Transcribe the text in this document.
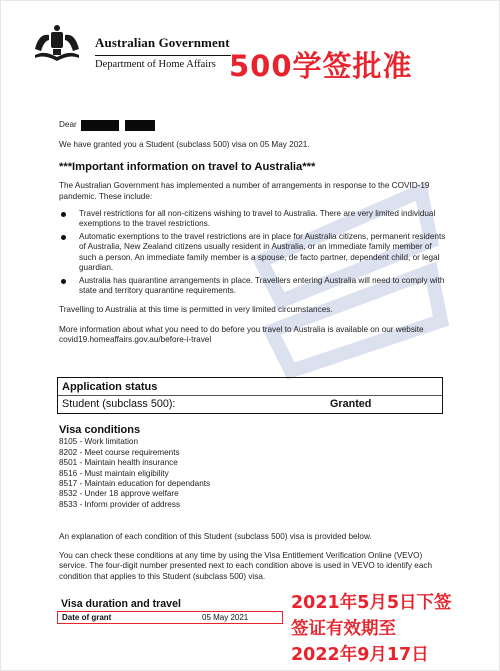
Australian Government
Department of Home Affairs 500学签批准
Dear
We have granted you a Student (subclass 500) visa on 05 May 2021.
***Important information on travel to Australia***
The Australian Government has implemented a number of arrangements in response to the COVID-19 pandemic. These include:
Travel restrictions for all non-citizens wishing to travel to Australia. There are very limited individual exemptions to the travel restrictions.
Automatic exemptions to the travel restrictions are in place for Australia citizens, permanent residents of Australia, New Zealand citizens usually resident in Australia, or an immediate family member of such a person. An immediate family member is a spouse, de facto partner, dependent child, or legal guardian.
Australia has quarantine arrangements in place. Travellers entering Australia will need to comply with state and territory quarantine requirements.
Travelling to Australia at this time is permitted in very limited circumstances.
More information about what you need to do before you travel to Australia is available on our website covid19.homeaffairs.gov.au/before-i-travel
Application status
Student (subclass 500):	Granted
Visa conditions
8105 - Work limitation
8202 - Meet course requirements
8501 - Maintain health insurance
8516 - Must maintain eligibility
8517 - Maintain education for dependants
8532 - Under 18 approve welfare
8533 - Inform provider of address
An explanation of each condition of this Student (subclass 500) visa is provided below.
You can check these conditions at any time by using the Visa Entitlement Verification Online (VEVO) service. The four-digit number presented next to each condition above is used in VEVO to identify each condition that applies to this Student (subclass 500) visa.
Visa duration and travel
Date of grant	05 May 2021
2021年5月5日下签
签证有效期至
2022年9月17日
